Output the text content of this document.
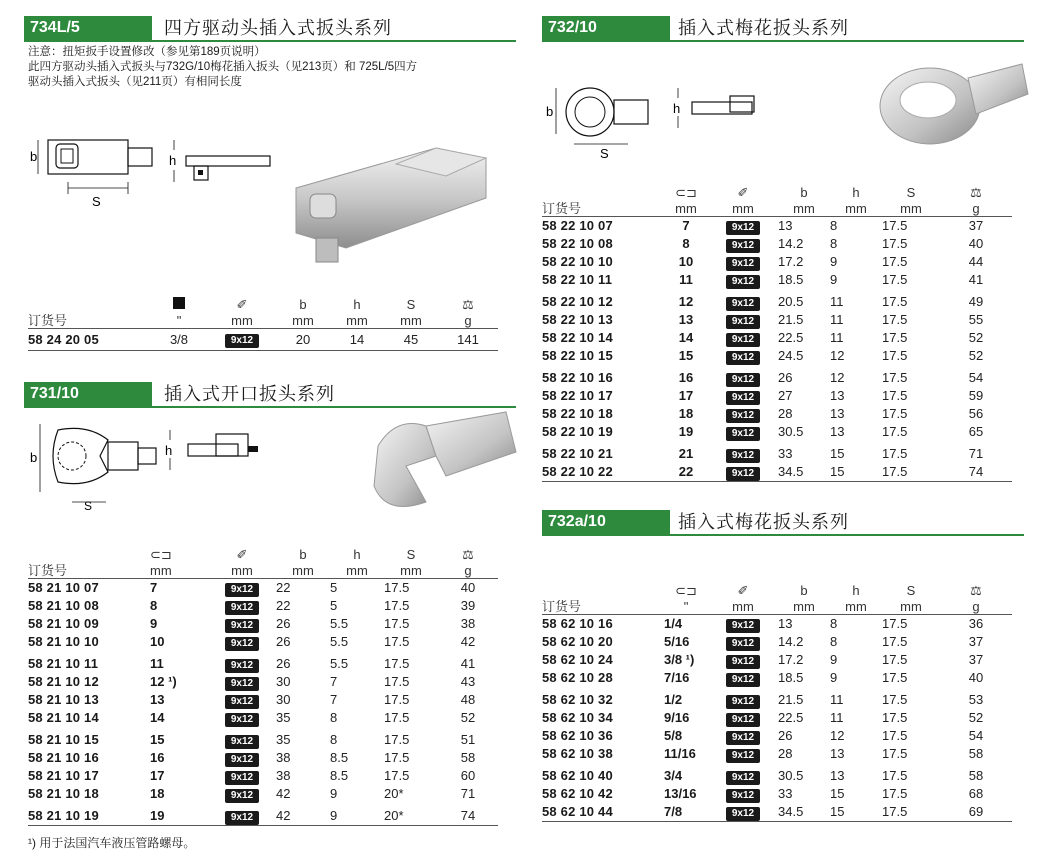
734L/5	四方驱动头插入式扳头系列
注意：扭矩扳手设置修改（参见第189页说明）
此四方驱动头插入式扳头与732G/10梅花插入扳头（见213页）和 725L/5四方
驱动头插入式扳头（见211页）有相同长度
b
S
h
		✐	b	h	S	⚖
订货号	"	mm	mm	mm	mm	g
58 24 20 05	3/8	9x12	20	14	45	141
731/10	插入式开口扳头系列
b
S
h
	⊂⊐	✐	b	h	S	⚖
订货号	mm	mm	mm	mm	mm	g
58 21 10 07	7	9x12	22	5	17.5	40
58 21 10 08	8	9x12	22	5	17.5	39
58 21 10 09	9	9x12	26	5.5	17.5	38
58 21 10 10	10	9x12	26	5.5	17.5	42
58 21 10 11	11	9x12	26	5.5	17.5	41
58 21 10 12	12 ¹)	9x12	30	7	17.5	43
58 21 10 13	13	9x12	30	7	17.5	48
58 21 10 14	14	9x12	35	8	17.5	52
58 21 10 15	15	9x12	35	8	17.5	51
58 21 10 16	16	9x12	38	8.5	17.5	58
58 21 10 17	17	9x12	38	8.5	17.5	60
58 21 10 18	18	9x12	42	9	20*	71
58 21 10 19	19	9x12	42	9	20*	74
¹) 用于法国汽车液压管路螺母。
732/10	插入式梅花扳头系列
b
S
h
	⊂⊐	✐	b	h	S	⚖
订货号	mm	mm	mm	mm	mm	g
58 22 10 07	7	9x12	13	8	17.5	37
58 22 10 08	8	9x12	14.2	8	17.5	40
58 22 10 10	10	9x12	17.2	9	17.5	44
58 22 10 11	11	9x12	18.5	9	17.5	41
58 22 10 12	12	9x12	20.5	11	17.5	49
58 22 10 13	13	9x12	21.5	11	17.5	55
58 22 10 14	14	9x12	22.5	11	17.5	52
58 22 10 15	15	9x12	24.5	12	17.5	52
58 22 10 16	16	9x12	26	12	17.5	54
58 22 10 17	17	9x12	27	13	17.5	59
58 22 10 18	18	9x12	28	13	17.5	56
58 22 10 19	19	9x12	30.5	13	17.5	65
58 22 10 21	21	9x12	33	15	17.5	71
58 22 10 22	22	9x12	34.5	15	17.5	74
732a/10	插入式梅花扳头系列
	⊂⊐	✐	b	h	S	⚖
订货号	"	mm	mm	mm	mm	g
58 62 10 16	1/4	9x12	13	8	17.5	36
58 62 10 20	5/16	9x12	14.2	8	17.5	37
58 62 10 24	3/8 ¹)	9x12	17.2	9	17.5	37
58 62 10 28	7/16	9x12	18.5	9	17.5	40
58 62 10 32	1/2	9x12	21.5	11	17.5	53
58 62 10 34	9/16	9x12	22.5	11	17.5	52
58 62 10 36	5/8	9x12	26	12	17.5	54
58 62 10 38	11/16	9x12	28	13	17.5	58
58 62 10 40	3/4	9x12	30.5	13	17.5	58
58 62 10 42	13/16	9x12	33	15	17.5	68
58 62 10 44	7/8	9x12	34.5	15	17.5	69
